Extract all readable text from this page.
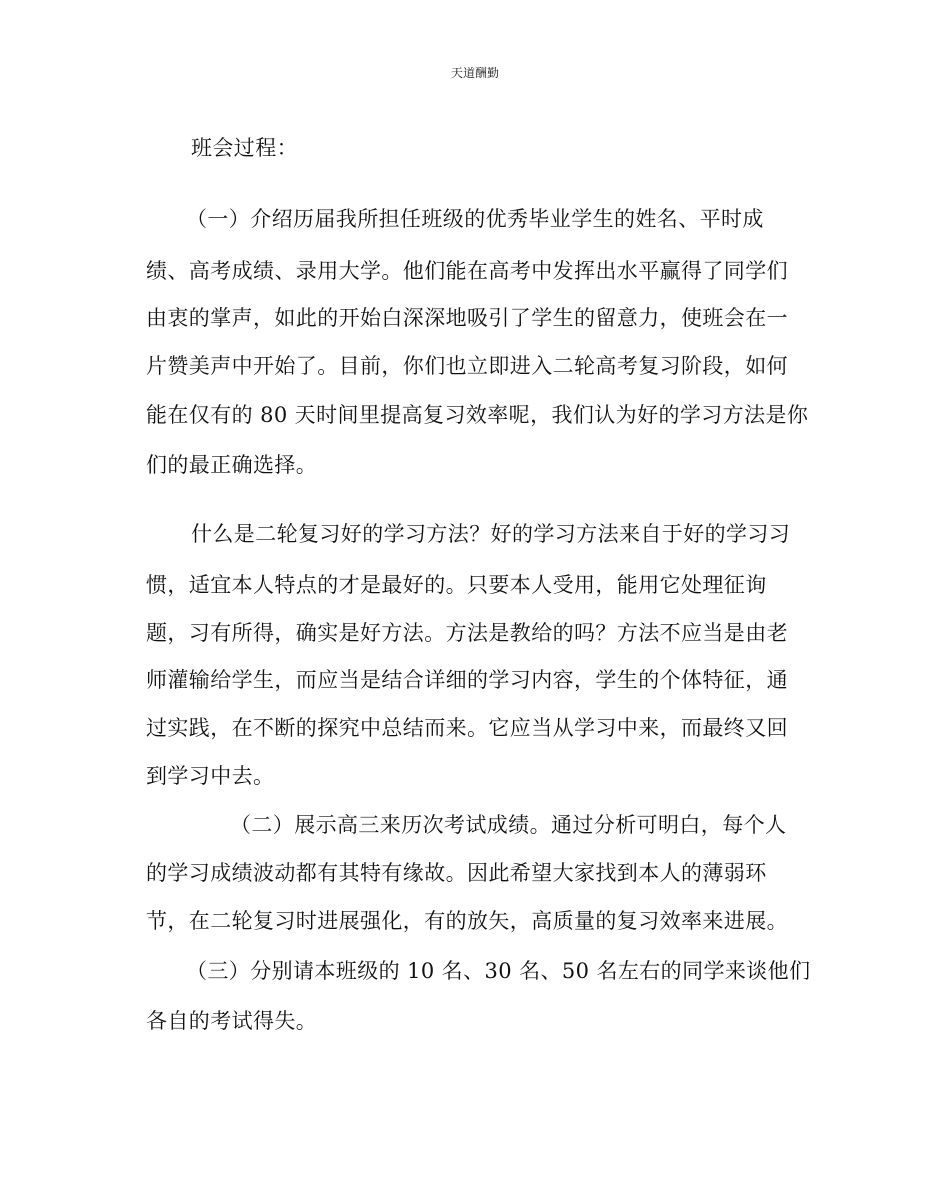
天道酬勤
班会过程：
（一）介绍历届我所担任班级的优秀毕业学生的姓名、平时成
绩、高考成绩、录用大学。他们能在高考中发挥出水平赢得了同学们
由衷的掌声，如此的开始白深深地吸引了学生的留意力，使班会在一
片赞美声中开始了。目前，你们也立即进入二轮高考复习阶段，如何
能在仅有的 80 天时间里提高复习效率呢，我们认为好的学习方法是你
们的最正确选择。
什么是二轮复习好的学习方法？好的学习方法来自于好的学习习
惯，适宜本人特点的才是最好的。只要本人受用，能用它处理征询
题，习有所得，确实是好方法。方法是教给的吗？方法不应当是由老
师灌输给学生，而应当是结合详细的学习内容，学生的个体特征，通
过实践，在不断的探究中总结而来。它应当从学习中来，而最终又回
到学习中去。
（二）展示高三来历次考试成绩。通过分析可明白，每个人
的学习成绩波动都有其特有缘故。因此希望大家找到本人的薄弱环
节，在二轮复习时进展强化，有的放矢，高质量的复习效率来进展。
（三）分别请本班级的 10 名、30 名、50 名左右的同学来谈他们
各自的考试得失。
